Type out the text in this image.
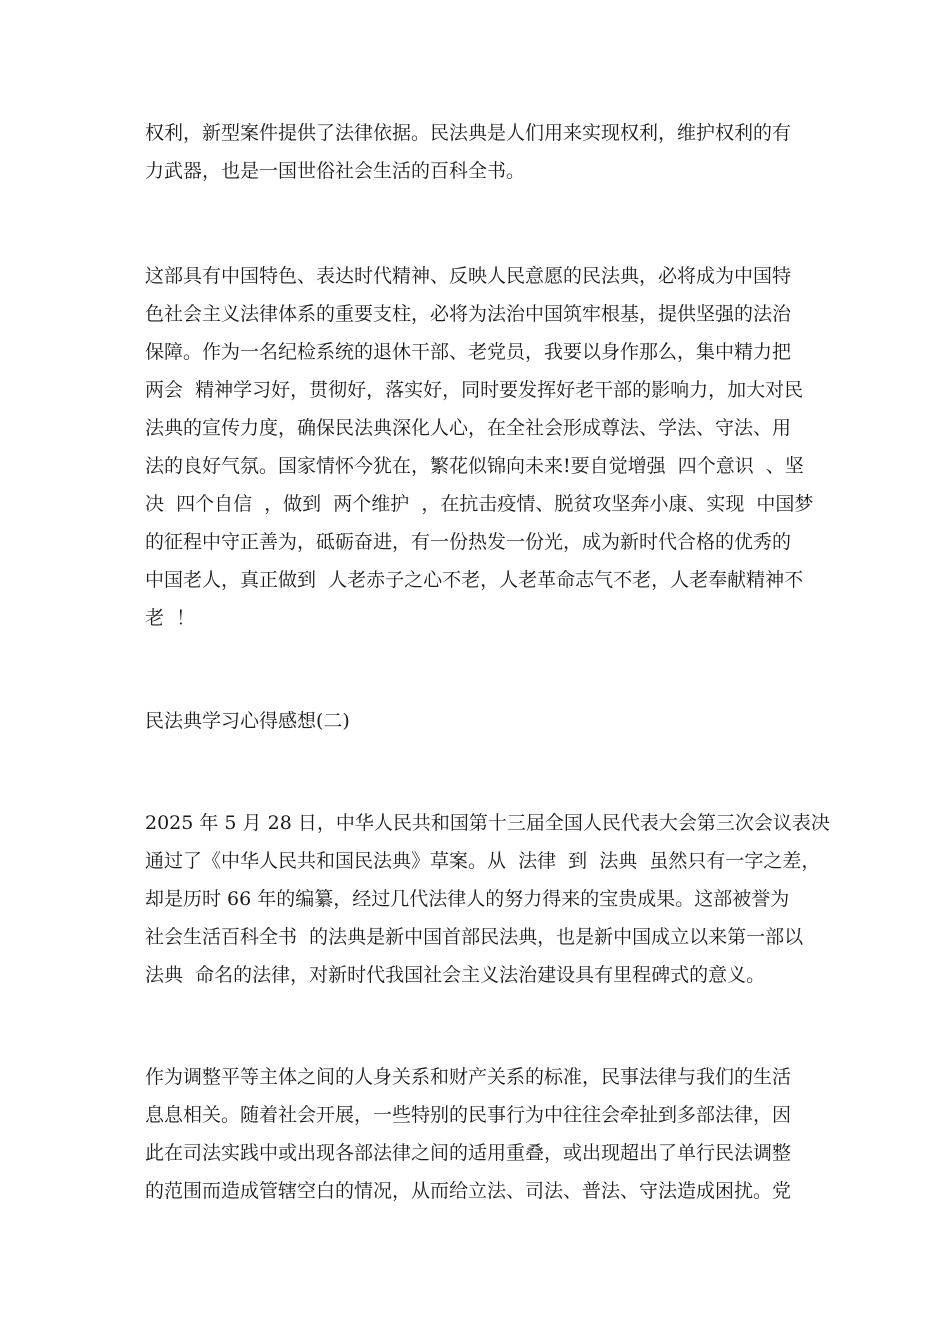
权利，新型案件提供了法律依据。民法典是人们用来实现权利，维护权利的有

力武器，也是一国世俗社会生活的百科全书。

这部具有中国特色、表达时代精神、反映人民意愿的民法典，必将成为中国特

色社会主义法律体系的重要支柱，必将为法治中国筑牢根基，提供坚强的法治

保障。作为一名纪检系统的退休干部、老党员，我要以身作那么，集中精力把

两会  精神学习好，贯彻好，落实好，同时要发挥好老干部的影响力，加大对民

法典的宣传力度，确保民法典深化人心，在全社会形成尊法、学法、守法、用

法的良好气氛。国家情怀今犹在，繁花似锦向未来!要自觉增强  四个意识  、坚

决  四个自信  ，做到  两个维护  ，在抗击疫情、脱贫攻坚奔小康、实现  中国梦

的征程中守正善为，砥砺奋进，有一份热发一份光，成为新时代合格的优秀的

中国老人，真正做到  人老赤子之心不老，人老革命志气不老，人老奉献精神不

老  ！

民法典学习心得感想(二)

2025 年 5 月 28 日，中华人民共和国第十三届全国人民代表大会第三次会议表决

通过了《中华人民共和国民法典》草案。从  法律  到  法典  虽然只有一字之差，

却是历时 66 年的编纂，经过几代法律人的努力得来的宝贵成果。这部被誉为

社会生活百科全书  的法典是新中国首部民法典，也是新中国成立以来第一部以

法典  命名的法律，对新时代我国社会主义法治建设具有里程碑式的意义。

作为调整平等主体之间的人身关系和财产关系的标准，民事法律与我们的生活

息息相关。随着社会开展，一些特别的民事行为中往往会牵扯到多部法律，因

此在司法实践中或出现各部法律之间的适用重叠，或出现超出了单行民法调整

的范围而造成管辖空白的情况，从而给立法、司法、普法、守法造成困扰。党
